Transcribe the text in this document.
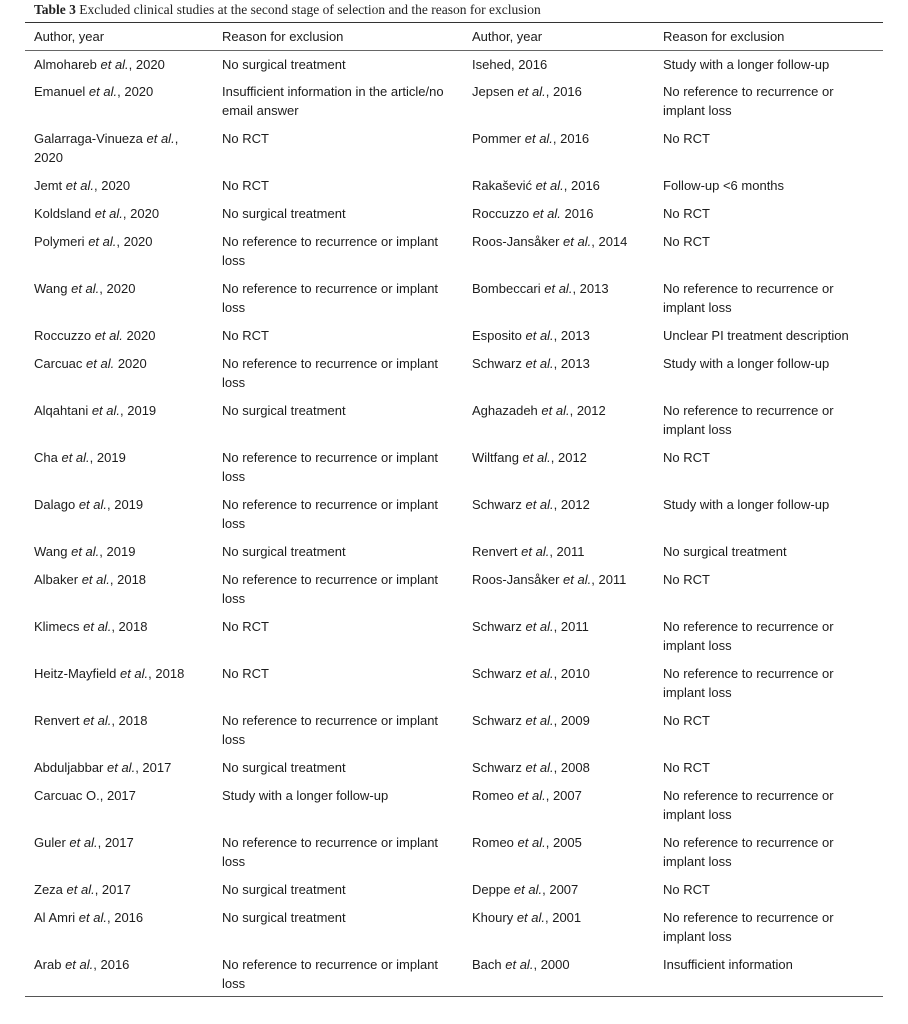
Table 3 Excluded clinical studies at the second stage of selection and the reason for exclusion
Author, year	Reason for exclusion	Author, year	Reason for exclusion
Almohareb et al., 2020	No surgical treatment	Isehed, 2016	Study with a longer follow-up
Emanuel et al., 2020	Insufficient information in the article/no email answer	Jepsen et al., 2016	No reference to recurrence or implant loss
Galarraga-Vinueza et al., 2020	No RCT	Pommer et al., 2016	No RCT
Jemt et al., 2020	No RCT	Rakašević et al., 2016	Follow-up <6 months
Koldsland et al., 2020	No surgical treatment	Roccuzzo et al. 2016	No RCT
Polymeri et al., 2020	No reference to recurrence or implant loss	Roos-Jansåker et al., 2014	No RCT
Wang et al., 2020	No reference to recurrence or implant loss	Bombeccari et al., 2013	No reference to recurrence or implant loss
Roccuzzo et al. 2020	No RCT	Esposito et al., 2013	Unclear PI treatment description
Carcuac et al. 2020	No reference to recurrence or implant loss	Schwarz et al., 2013	Study with a longer follow-up
Alqahtani et al., 2019	No surgical treatment	Aghazadeh et al., 2012	No reference to recurrence or implant loss
Cha et al., 2019	No reference to recurrence or implant loss	Wiltfang et al., 2012	No RCT
Dalago et al., 2019	No reference to recurrence or implant loss	Schwarz et al., 2012	Study with a longer follow-up
Wang et al., 2019	No surgical treatment	Renvert et al., 2011	No surgical treatment
Albaker et al., 2018	No reference to recurrence or implant loss	Roos-Jansåker et al., 2011	No RCT
Klimecs et al., 2018	No RCT	Schwarz et al., 2011	No reference to recurrence or implant loss
Heitz-Mayfield et al., 2018	No RCT	Schwarz et al., 2010	No reference to recurrence or implant loss
Renvert et al., 2018	No reference to recurrence or implant loss	Schwarz et al., 2009	No RCT
Abduljabbar et al., 2017	No surgical treatment	Schwarz et al., 2008	No RCT
Carcuac O., 2017	Study with a longer follow-up	Romeo et al., 2007	No reference to recurrence or implant loss
Guler et al., 2017	No reference to recurrence or implant loss	Romeo et al., 2005	No reference to recurrence or implant loss
Zeza et al., 2017	No surgical treatment	Deppe et al., 2007	No RCT
Al Amri et al., 2016	No surgical treatment	Khoury et al., 2001	No reference to recurrence or implant loss
Arab et al., 2016	No reference to recurrence or implant loss	Bach et al., 2000	Insufficient information
